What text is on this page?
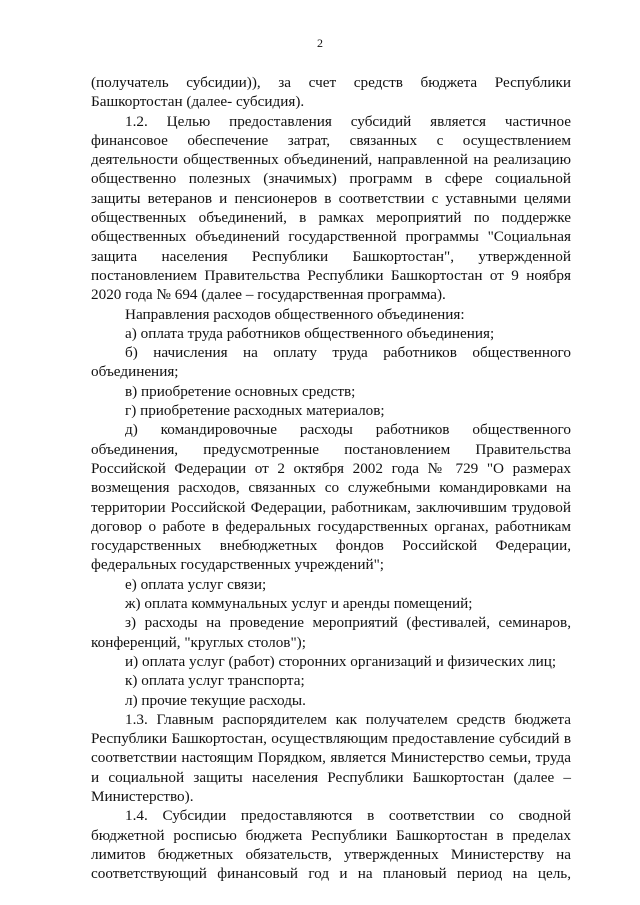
2

(получатель субсидии)), за счет средств бюджета Республики Башкортостан (далее- субсидия).

1.2. Целью предоставления субсидий является частичное финансовое обеспечение затрат, связанных с осуществлением деятельности общественных объединений, направленной на реализацию общественно полезных (значимых) программ в сфере социальной защиты ветеранов и пенсионеров в соответствии с уставными целями общественных объединений, в рамках мероприятий по поддержке общественных объединений государственной программы "Социальная защита населения Республики Башкортостан", утвержденной постановлением Правительства Республики Башкортостан от 9 ноября 2020 года № 694 (далее – государственная программа).

Направления расходов общественного объединения:

а) оплата труда работников общественного объединения;

б) начисления на оплату труда работников общественного объединения;

в) приобретение основных средств;

г) приобретение расходных материалов;

д) командировочные расходы работников общественного объединения, предусмотренные постановлением Правительства Российской Федерации от 2 октября 2002 года № 729 "О размерах возмещения расходов, связанных со служебными командировками на территории Российской Федерации, работникам, заключившим трудовой договор о работе в федеральных государственных органах, работникам государственных внебюджетных фондов Российской Федерации, федеральных государственных учреждений";

е) оплата услуг связи;

ж) оплата коммунальных услуг и аренды помещений;

з) расходы на проведение мероприятий (фестивалей, семинаров, конференций, "круглых столов");

и) оплата услуг (работ) сторонних организаций и физических лиц;

к) оплата услуг транспорта;

л) прочие текущие расходы.

1.3. Главным распорядителем как получателем средств бюджета Республики Башкортостан, осуществляющим предоставление субсидий в соответствии настоящим Порядком, является Министерство семьи, труда и социальной защиты населения Республики Башкортостан (далее – Министерство).

1.4. Субсидии предоставляются в соответствии со сводной бюджетной росписью бюджета Республики Башкортостан в пределах лимитов бюджетных обязательств, утвержденных Министерству на соответствующий финансовый год и на плановый период на цель,
